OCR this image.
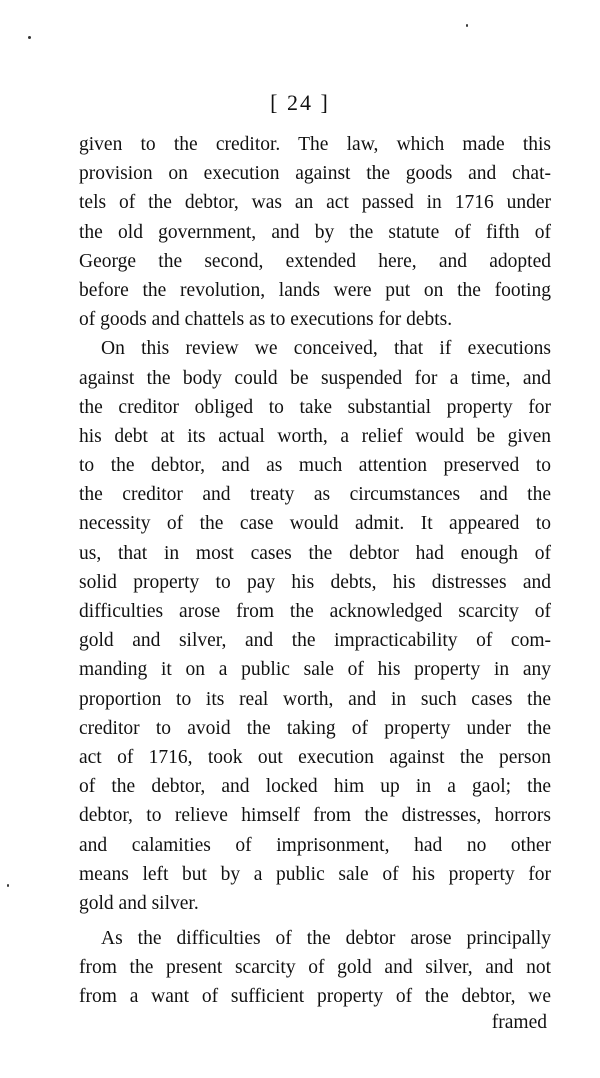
[ 24 ]
given to the creditor. The law, which made this
provision on execution against the goods and chat-
tels of the debtor, was an act passed in 1716 under
the old government, and by the statute of fifth of
George the second, extended here, and adopted
before the revolution, lands were put on the footing
of goods and chattels as to executions for debts.
On this review we conceived, that if executions
against the body could be suspended for a time, and
the creditor obliged to take substantial property for
his debt at its actual worth, a relief would be given
to the debtor, and as much attention preserved to
the creditor and treaty as circumstances and the
necessity of the case would admit. It appeared to
us, that in most cases the debtor had enough of
solid property to pay his debts, his distresses and
difficulties arose from the acknowledged scarcity of
gold and silver, and the impracticability of com-
manding it on a public sale of his property in any
proportion to its real worth, and in such cases the
creditor to avoid the taking of property under the
act of 1716, took out execution against the person
of the debtor, and locked him up in a gaol; the
debtor, to relieve himself from the distresses, horrors
and calamities of imprisonment, had no other
means left but by a public sale of his property for
gold and silver.
As the difficulties of the debtor arose principally
from the present scarcity of gold and silver, and not
from a want of sufficient property of the debtor, we
framed
